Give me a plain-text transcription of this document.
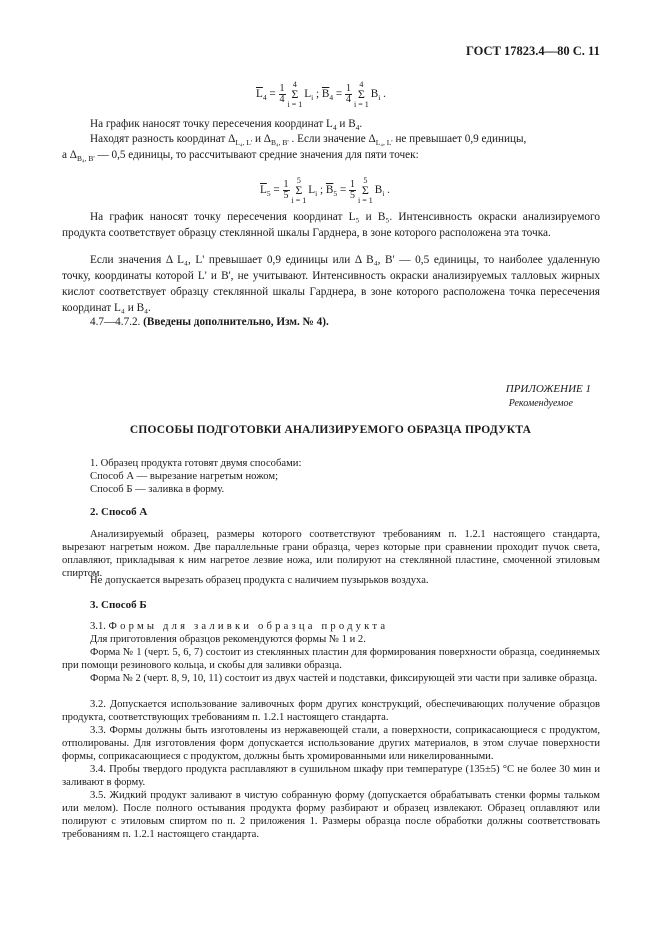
ГОСТ 17823.4—80 С. 11
$\overline{L}_4 = \frac{1}{4} 4$
Σ
$i = 1L_i$ ; $\overline{B}_4 = \frac{1}{4} 4$
Σ
$i = 1B_i$ .
На график наносят точку пересечения координат $L_4$ и $B_4$.
Находят разность координат $\Delta_{L_4, L'}$ и $\Delta_{B_4, B'}$ . Если значение $\Delta_{L_4, L'}$ не превышает 0,9 единицы,
а $\Delta_{B_4, B'}$ — 0,5 единицы, то рассчитывают средние значения для пяти точек:
$\overline{L}_5 = \frac{1}{5} 5$
Σ
$i = 1L_i$ ; $\overline{B}_5 = \frac{1}{5} 5$
Σ
$i = 1B_i$ .
На график наносят точку пересечения координат L₅ и B₅. Интенсивность окраски анализируемого продукта соответствует образцу стеклянной шкалы Гарднера, в зоне которого расположена эта точка.
Если значения Δ L₄, L' превышает 0,9 единицы или Δ B₄, B' — 0,5 единицы, то наиболее удаленную точку, координаты которой L' и B', не учитывают. Интенсивность окраски анализируемых талловых жирных кислот соответствует образцу стеклянной шкалы Гарднера, в зоне которого расположена точка пересечения координат L₄ и B₄.
4.7—4.7.2. (Введены дополнительно, Изм. № 4).
ПРИЛОЖЕНИЕ 1
Рекомендуемое
СПОСОБЫ ПОДГОТОВКИ АНАЛИЗИРУЕМОГО ОБРАЗЦА ПРОДУКТА
1. Образец продукта готовят двумя способами:
Способ А — вырезание нагретым ножом;
Способ Б — заливка в форму.
2. Способ А
Анализируемый образец, размеры которого соответствуют требованиям п. 1.2.1 настоящего стандарта, вырезают нагретым ножом. Две параллельные грани образца, через которые при сравнении проходит пучок света, оплавляют, прикладывая к ним нагретое лезвие ножа, или полируют на стеклянной пластине, смоченной этиловым спиртом.
Не допускается вырезать образец продукта с наличием пузырьков воздуха.
3. Способ Б
3.1. Формы для заливки образца продукта
Для приготовления образцов рекомендуются формы № 1 и 2.
Форма № 1 (черт. 5, 6, 7) состоит из стеклянных пластин для формирования поверхности образца, соединяемых при помощи резинового кольца, и скобы для заливки образца.
Форма № 2 (черт. 8, 9, 10, 11) состоит из двух частей и подставки, фиксирующей эти части при заливке образца.
3.2. Допускается использование заливочных форм других конструкций, обеспечивающих получение образцов продукта, соответствующих требованиям п. 1.2.1 настоящего стандарта.
3.3. Формы должны быть изготовлены из нержавеющей стали, а поверхности, соприкасающиеся с продуктом, отполированы. Для изготовления форм допускается использование других материалов, в этом случае поверхности формы, соприкасающиеся с продуктом, должны быть хромированными или никелированными.
3.4. Пробы твердого продукта расплавляют в сушильном шкафу при температуре (135±5) °С не более 30 мин и заливают в форму.
3.5. Жидкий продукт заливают в чистую собранную форму (допускается обрабатывать стенки формы тальком или мелом). После полного остывания продукта форму разбирают и образец извлекают. Образец оплавляют или полируют с этиловым спиртом по п. 2 приложения 1. Размеры образца после обработки должны соответствовать требованиям п. 1.2.1 настоящего стандарта.
